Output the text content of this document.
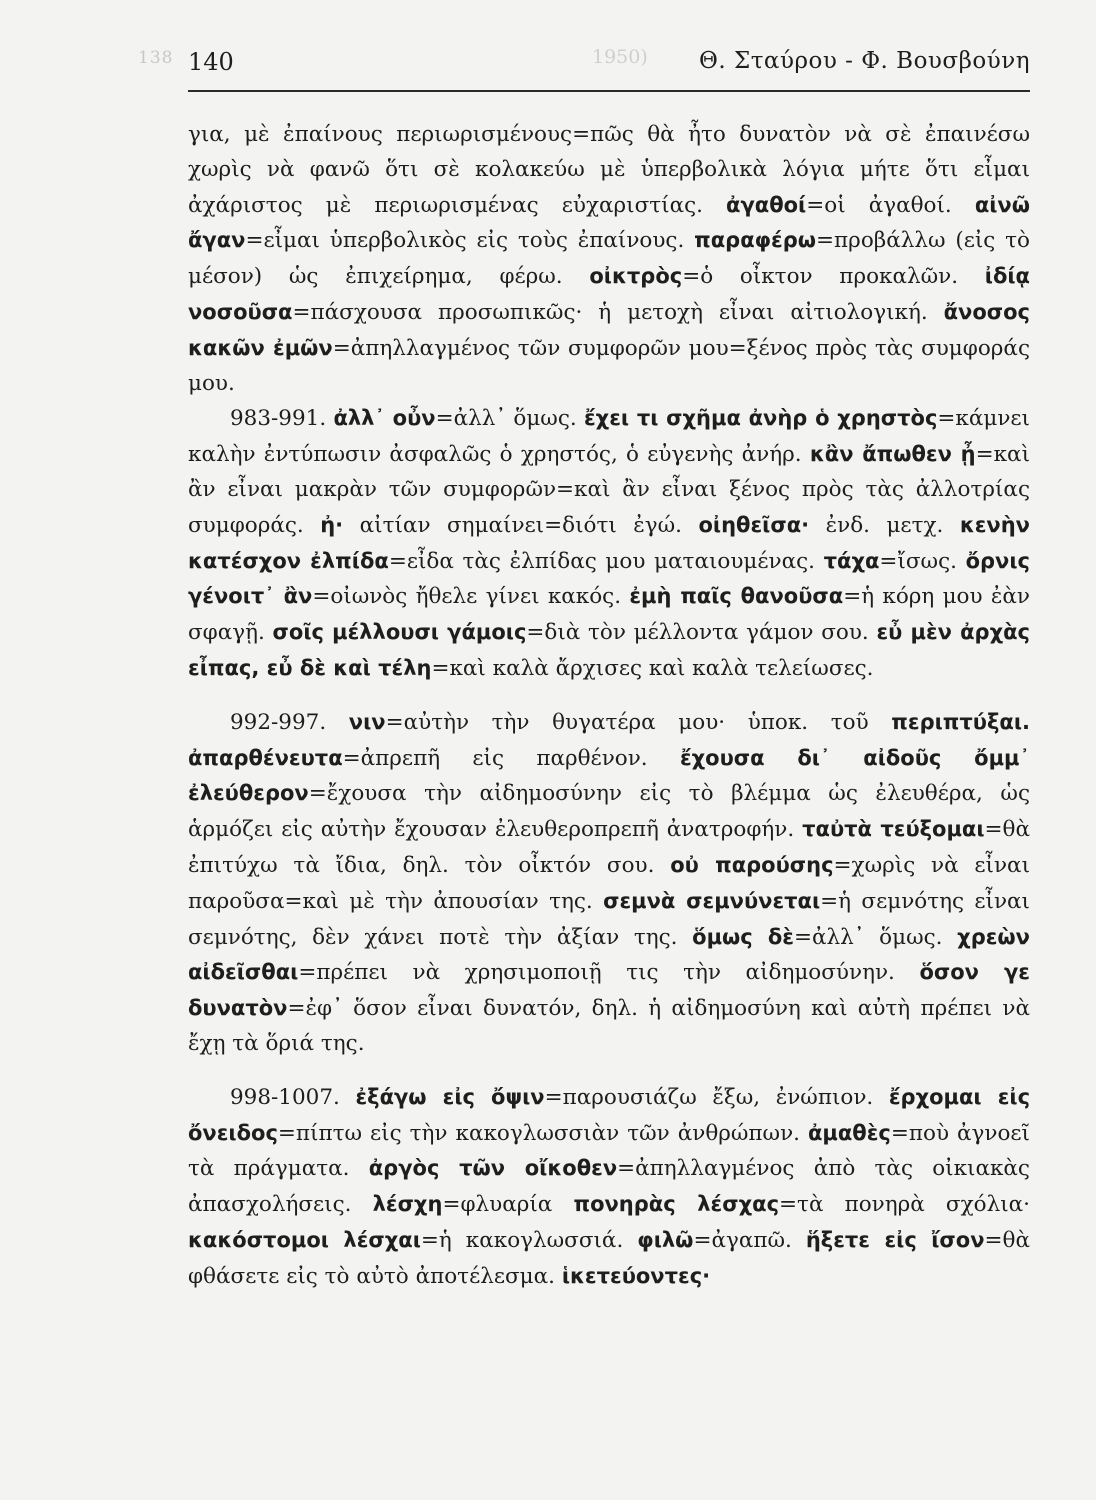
138	1950)
140	Θ. Σταύρου - Φ. Βουσβούνη

για, μὲ ἐπαίνους περιωρισμένους=πῶς θὰ ἦτο δυνατὸν νὰ σὲ ἐπαινέσω χωρὶς νὰ φανῶ ὅτι σὲ κολακεύω μὲ ὑπερβολικὰ λόγια μήτε ὅτι εἶμαι ἀχάριστος μὲ περιωρισμένας εὐχαριστίας. ἀγαθοί=οἱ ἀγαθοί. αἰνῶ ἄγαν=εἶμαι ὑπερβολικὸς εἰς τοὺς ἐπαίνους. παραφέρω=προβάλλω (εἰς τὸ μέσον) ὡς ἐπιχείρημα, φέρω. οἰκτρὸς=ὁ οἶκτον προκαλῶν. ἰδίᾳ νοσοῦσα=πάσχουσα προσωπικῶς· ἡ μετοχὴ εἶναι αἰτιολογική. ἄνοσος κακῶν ἐμῶν=ἀπηλλαγμένος τῶν συμφορῶν μου=ξένος πρὸς τὰς συμφοράς μου.

983-991. ἀλλ᾽ οὖν=ἀλλ᾽ ὅμως. ἔχει τι σχῆμα ἀνὴρ ὁ χρηστὸς=κάμνει καλὴν ἐντύπωσιν ἀσφαλῶς ὁ χρηστός, ὁ εὐγενὴς ἀνήρ. κἂν ἄπωθεν ᾖ=καὶ ἂν εἶναι μακρὰν τῶν συμφορῶν=καὶ ἂν εἶναι ξένος πρὸς τὰς ἀλλοτρίας συμφοράς. ἠ· αἰτίαν σημαίνει=διότι ἐγώ. οἰηθεῖσα· ἐνδ. μετχ. κενὴν κατέσχον ἐλπίδα=εἶδα τὰς ἐλπίδας μου ματαιουμένας. τάχα=ἴσως. ὄρνις γένοιτ᾽ ἂν=οἰωνὸς ἤθελε γίνει κακός. ἐμὴ παῖς θανοῦσα=ἡ κόρη μου ἐὰν σφαγῇ. σοῖς μέλλουσι γάμοις=διὰ τὸν μέλλοντα γάμον σου. εὖ μὲν ἀρχὰς εἶπας, εὖ δὲ καὶ τέλη=καὶ καλὰ ἄρχισες καὶ καλὰ τελείωσες.

992-997. νιν=αὐτὴν τὴν θυγατέρα μου· ὑποκ. τοῦ περιπτύξαι. ἀπαρθένευτα=ἀπρεπῆ εἰς παρθένον. ἔχουσα δι᾽ αἰδοῦς ὄμμ᾽ ἐλεύθερον=ἔχουσα τὴν αἰδημοσύνην εἰς τὸ βλέμμα ὡς ἐλευθέρα, ὡς ἁρμόζει εἰς αὐτὴν ἔχουσαν ἐλευθεροπρεπῆ ἀνατροφήν. ταὐτὰ τεύξομαι=θὰ ἐπιτύχω τὰ ἴδια, δηλ. τὸν οἶκτόν σου. οὐ παρούσης=χωρὶς νὰ εἶναι παροῦσα=καὶ μὲ τὴν ἀπουσίαν της. σεμνὰ σεμνύνεται=ἡ σεμνότης εἶναι σεμνότης, δὲν χάνει ποτὲ τὴν ἀξίαν της. ὅμως δὲ=ἀλλ᾽ ὅμως. χρεὼν αἰδεῖσθαι=πρέπει νὰ χρησιμοποιῇ τις τὴν αἰδημοσύνην. ὅσον γε δυνατὸν=ἐφ᾽ ὅσον εἶναι δυνατόν, δηλ. ἡ αἰδημοσύνη καὶ αὐτὴ πρέπει νὰ ἔχῃ τὰ ὅριά της.

998-1007. ἐξάγω εἰς ὄψιν=παρουσιάζω ἔξω, ἐνώπιον. ἔρχομαι εἰς ὄνειδος=πίπτω εἰς τὴν κακογλωσσιὰν τῶν ἀνθρώπων. ἀμαθὲς=ποὺ ἀγνοεῖ τὰ πράγματα. ἀργὸς τῶν οἴκοθεν=ἀπηλλαγμένος ἀπὸ τὰς οἰκιακὰς ἀπασχολήσεις. λέσχη=φλυαρία πονηρὰς λέσχας=τὰ πονηρὰ σχόλια· κακόστομοι λέσχαι=ἡ κακογλωσσιά. φιλῶ=ἀγαπῶ. ἥξετε εἰς ἴσον=θὰ φθάσετε εἰς τὸ αὐτὸ ἀποτέλεσμα. ἱκετεύοντες·
